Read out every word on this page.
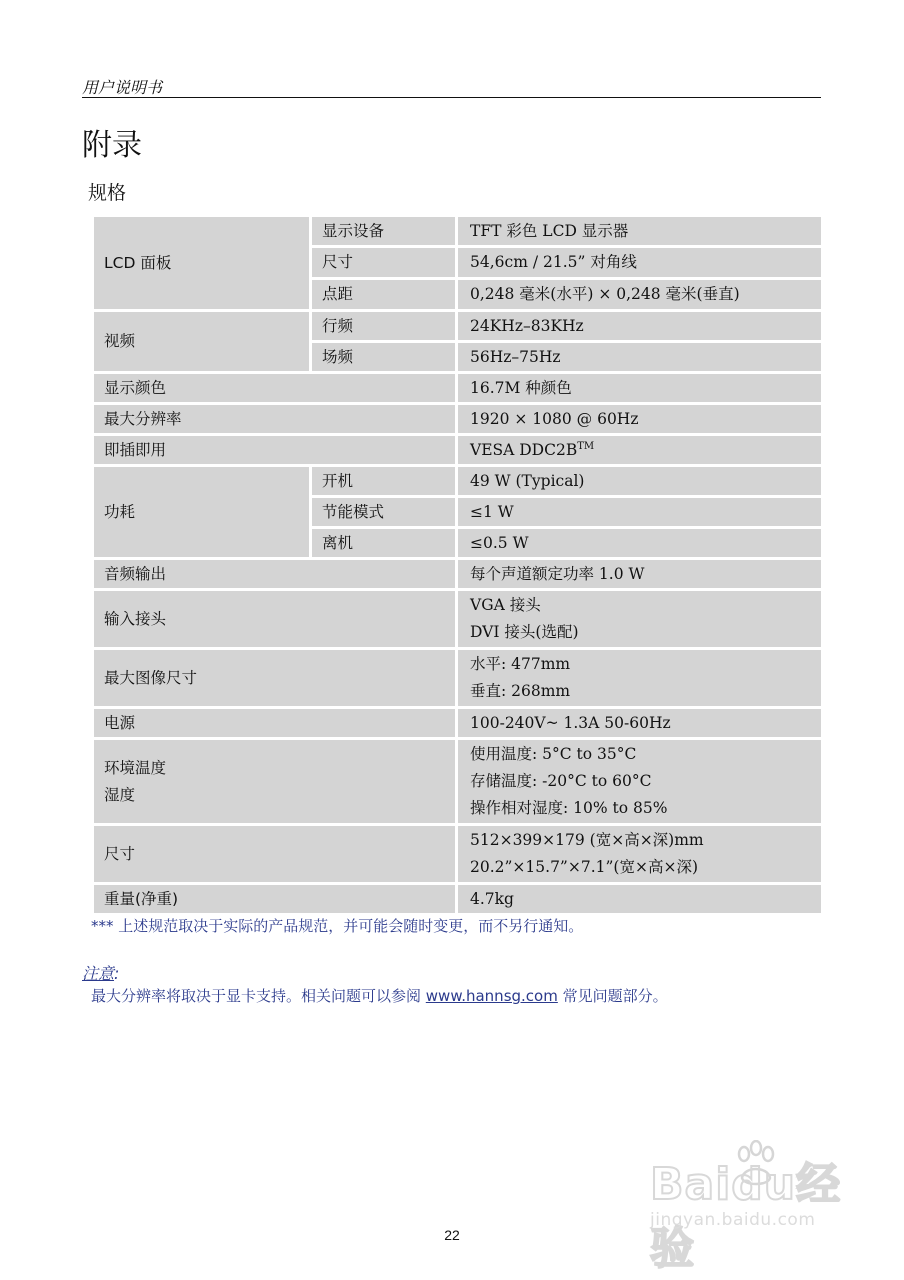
用户说明书
附录
规格
LCD 面板	显示设备	TFT 彩色 LCD 显示器
	尺寸	54,6cm / 21.5” 对角线
	点距	0,248 毫米(水平) × 0,248 毫米(垂直)
视频	行频	24KHz–83KHz
	场频	56Hz–75Hz
显示颜色		16.7M 种颜色
最大分辨率		1920 × 1080 @ 60Hz
即插即用		VESA DDC2B™
功耗	开机	49 W (Typical)
	节能模式	≤1 W
	离机	≤0.5 W
音频输出		每个声道额定功率 1.0 W
输入接头		VGA 接头
DVI 接头(选配)

最大图像尺寸		水平: 477mm
垂直: 268mm

电源		100-240V~ 1.3A 50-60Hz

环境温度
湿度		使用温度: 5°C to 35°C
存储温度: -20°C to 60°C
操作相对湿度: 10% to 85%

尺寸		512×399×179 (宽×高×深)mm
20.2”×15.7”×7.1”(宽×高×深)

重量(净重)		4.7kg
*** 上述规范取决于实际的产品规范，并可能会随时变更，而不另行通知。
注意:
最大分辨率将取决于显卡支持。相关问题可以参阅 www.hannsg.com 常见问题部分。
Baidu经验
jingyan.baidu.com
22
